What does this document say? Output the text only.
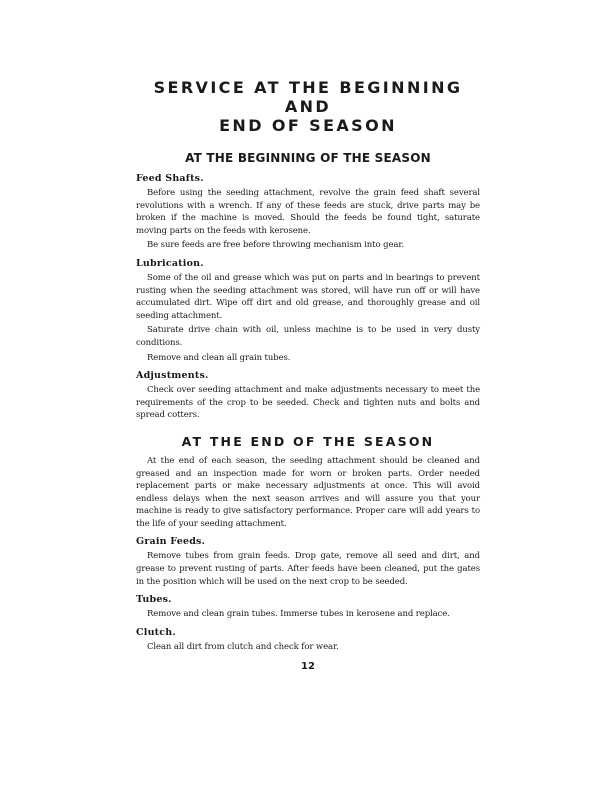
SERVICE AT THE BEGINNING AND
END OF SEASON
AT THE BEGINNING OF THE SEASON
Feed Shafts.

Before using the seeding attachment, revolve the grain feed shaft several revolutions with a wrench. If any of these feeds are stuck, drive parts may be broken if the machine is moved. Should the feeds be found tight, saturate moving parts on the feeds with kerosene.

Be sure feeds are free before throwing mechanism into gear.

Lubrication.

Some of the oil and grease which was put on parts and in bearings to prevent rusting when the seeding attachment was stored, will have run off or will have accumulated dirt. Wipe off dirt and old grease, and thoroughly grease and oil seeding attachment.

Saturate drive chain with oil, unless machine is to be used in very dusty conditions.

Remove and clean all grain tubes.

Adjustments.

Check over seeding attachment and make adjustments necessary to meet the requirements of the crop to be seeded. Check and tighten nuts and bolts and spread cotters.

AT THE END OF THE SEASON

At the end of each season, the seeding attachment should be cleaned and greased and an inspection made for worn or broken parts. Order needed replacement parts or make necessary adjustments at once. This will avoid endless delays when the next season arrives and will assure you that your machine is ready to give satisfactory performance. Proper care will add years to the life of your seeding attachment.

Grain Feeds.

Remove tubes from grain feeds. Drop gate, remove all seed and dirt, and grease to prevent rusting of parts. After feeds have been cleaned, put the gates in the position which will be used on the next crop to be seeded.

Tubes.

Remove and clean grain tubes. Immerse tubes in kerosene and replace.

Clutch.

Clean all dirt from clutch and check for wear.

12
